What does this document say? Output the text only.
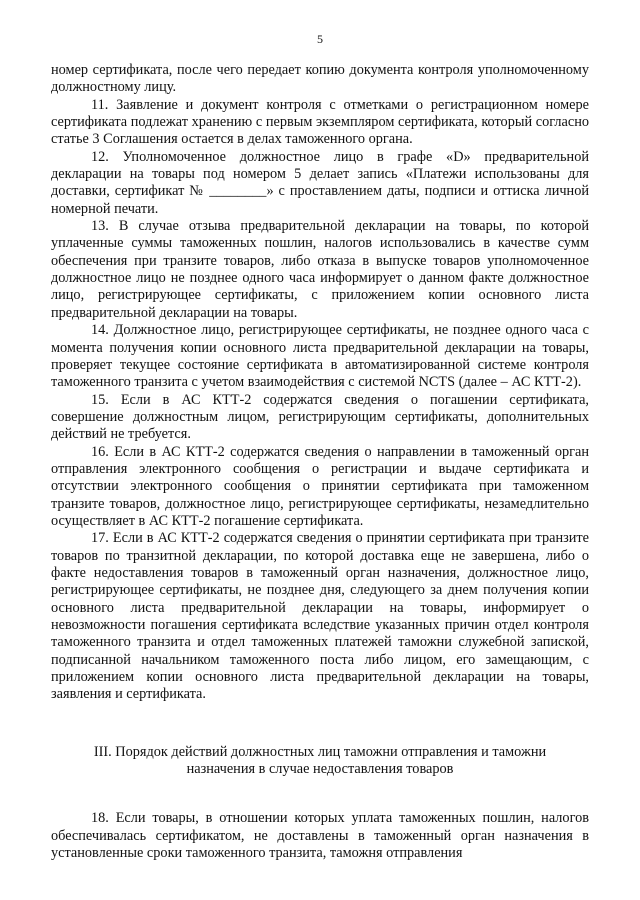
5

номер сертификата, после чего передает копию документа контроля уполномоченному должностному лицу.

11. Заявление и документ контроля с отметками о регистрационном номере сертификата подлежат хранению с первым экземпляром сертификата, который согласно статье 3 Соглашения остается в делах таможенного органа.

12. Уполномоченное должностное лицо в графе «D» предварительной декларации на товары под номером 5 делает запись «Платежи использованы для доставки, сертификат № ________» с проставлением даты, подписи и оттиска личной номерной печати.

13. В случае отзыва предварительной декларации на товары, по которой уплаченные суммы таможенных пошлин, налогов использовались в качестве сумм обеспечения при транзите товаров, либо отказа в выпуске товаров уполномоченное должностное лицо не позднее одного часа информирует о данном факте должностное лицо, регистрирующее сертификаты, с приложением копии основного листа предварительной декларации на товары.

14. Должностное лицо, регистрирующее сертификаты, не позднее одного часа с момента получения копии основного листа предварительной декларации на товары, проверяет текущее состояние сертификата в автоматизированной системе контроля таможенного транзита с учетом взаимодействия с системой NCTS (далее – АС КТТ-2).

15. Если в АС КТТ-2 содержатся сведения о погашении сертификата, совершение должностным лицом, регистрирующим сертификаты, дополнительных действий не требуется.

16. Если в АС КТТ-2 содержатся сведения о направлении в таможенный орган отправления электронного сообщения о регистрации и выдаче сертификата и отсутствии электронного сообщения о принятии сертификата при таможенном транзите товаров, должностное лицо, регистрирующее сертификаты, незамедлительно осуществляет в АС КТТ-2 погашение сертификата.

17. Если в АС КТТ-2 содержатся сведения о принятии сертификата при транзите товаров по транзитной декларации, по которой доставка еще не завершена, либо о факте недоставления товаров в таможенный орган назначения, должностное лицо, регистрирующее сертификаты, не позднее дня, следующего за днем получения копии основного листа предварительной декларации на товары, информирует о невозможности погашения сертификата вследствие указанных причин отдел контроля таможенного транзита и отдел таможенных платежей таможни служебной запиской, подписанной начальником таможенного поста либо лицом, его замещающим, с приложением копии основного листа предварительной декларации на товары, заявления и сертификата.

III. Порядок действий должностных лиц таможни отправления и таможни назначения в случае недоставления товаров

18. Если товары, в отношении которых уплата таможенных пошлин, налогов обеспечивалась сертификатом, не доставлены в таможенный орган назначения в установленные сроки таможенного транзита, таможня отправления
